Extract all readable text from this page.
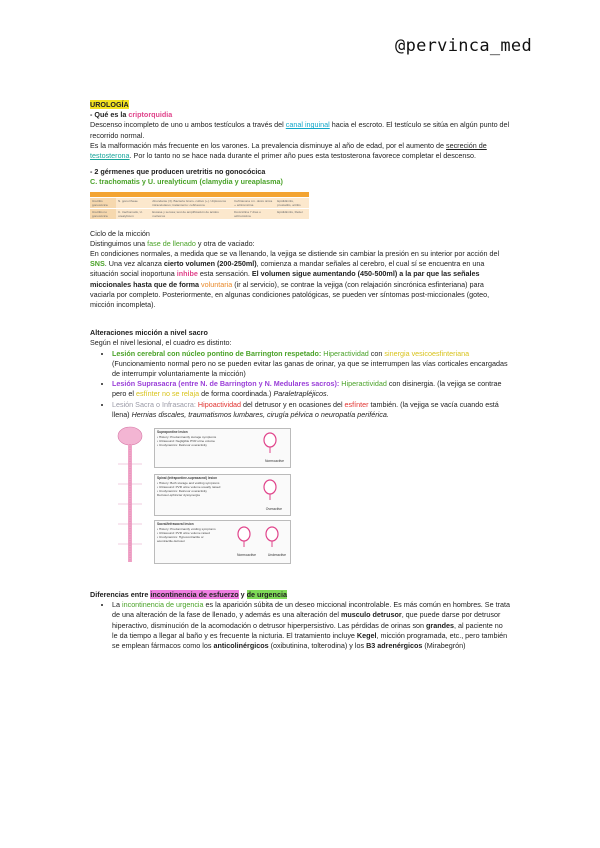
@pervinca_med

UROLOGÍA

- Qué es la criptorquidia

Descenso incompleto de uno u ambos testículos a través del canal inguinal hacia el escroto. El testículo se sitúa en algún punto del recorrido normal.

Es la malformación más frecuente en los varones. La prevalencia disminuye al año de edad, por el aumento de secreción de testosterona. Por lo tanto no se hace nada durante el primer año pues esta testosterona favorece completar el descenso.

- 2 gérmenes que producen uretritis no gonocócica

C. trachomatis y U. urealyticum (clamydia y ureaplasma)

Uretritis gonocócica	N. gonorrheae	Abundante (3). Bacteria Gram- cultivo (+) / diplococos intracelulares; tratamiento: ceftriaxona	Ceftriaxona i.m. dosis única + azitromicina	Epididimitis, prostatitis, artritis
Uretritis no gonocócica	C. trachomatis, U. urealyticum	Escasa y serosa; test de amplificación de ácidos nucleicos	Doxiciclina 7 días o azitromicina	Epididimitis, Reiter

Ciclo de la micción

Distinguimos una fase de llenado y otra de vaciado:

En condiciones normales, a medida que se va llenando, la vejiga se distiende sin cambiar la presión en su interior por acción del SNS. Una vez alcanza cierto volumen (200-250ml), comienza a mandar señales al cerebro, el cual sí se encuentra en una situación social inoportuna inhibe esta sensación. El volumen sigue aumentando (450-500ml) a la par que las señales miccionales hasta que de forma voluntaria (ir al servicio), se contrae la vejiga (con relajación sincrónica esfinteriana) para vaciarla por completo. Posteriormente, en algunas condiciones patológicas, se pueden ver síntomas post-miccionales (goteo, micción incompleta).

Alteraciones micción a nivel sacro

Según el nivel lesional, el cuadro es distinto:

• Lesión cerebral con núcleo pontino de Barrington respetado: Hiperactividad con sinergia vesicoesfinteriana (Funcionamiento normal pero no se pueden evitar las ganas de orinar, ya que se interrumpen las vías corticales encargadas de interrumpir voluntariamente la micción)
• Lesión Suprasacra (entre N. de Barrington y N. Medulares sacros): Hiperactividad con disinergia. (la vejiga se contrae pero el esfínter no se relaja de forma coordinada.) Paraletrapléjicos.
• Lesión Sacra o Infrasacra: Hipoactividad del detrusor y en ocasiones del esfínter también. (la vejiga se vacía cuando está llena) Hernias discales, traumatismos lumbares, cirugía pélvica o neuropatía periférica.
Suprapontine lesion
• History: Predominantly storage symptoms
• Ultrasound: Negligible PVR urine volume
• Urodynamics: Detrusor overactivity
Normoactive
Spinal (infrapontine-suprasacral) lesion
• History: Both storage and voiding symptoms
• Ultrasound: PVR urine volume usually raised
• Urodynamics: Detrusor overactivity
Detrusor-sphincter dyssynergia
Overactive
Sacral/infrasacral lesion
• History: Predominantly voiding symptoms
• Ultrasound: PVR urine volume raised
• Urodynamics: Hypocontractile or
acontractile detrusor
Normoactive	Underactive

Diferencias entre incontinencia de esfuerzo y de urgencia

• La incontinencia de urgencia es la aparición súbita de un deseo miccional incontrolable. Es más común en hombres. Se trata de una alteración de la fase de llenado, y además es una alteración del musculo detrusor, que puede darse por detrusor hiperactivo, disminución de la acomodación o detrusor hiperpersistivo. Las pérdidas de orinas son grandes, al paciente no le da tiempo a llegar al baño y es frecuente la nicturia. El tratamiento incluye Kegel, micción programada, etc., pero también se emplean fármacos como los anticolinérgicos (oxibutinina, tolterodina) y los B3 adrenérgicos (Mirabegrón)
